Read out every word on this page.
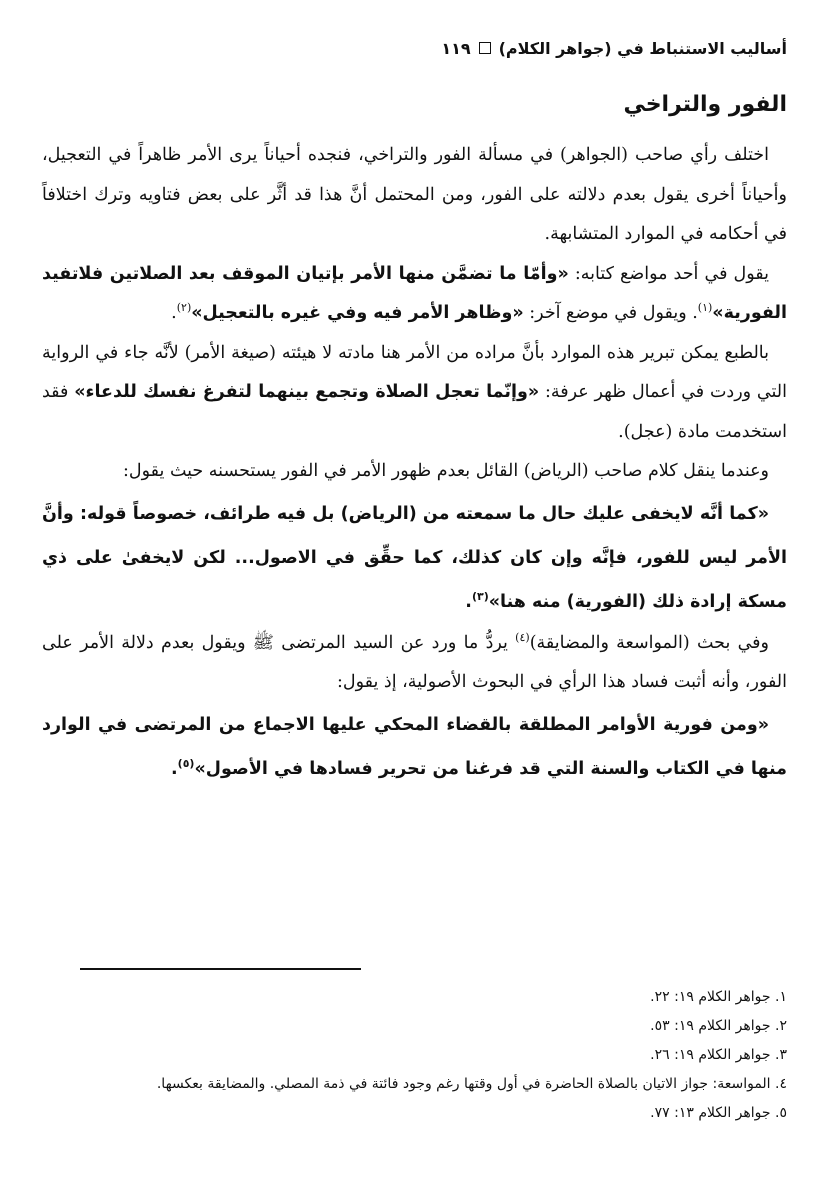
أساليب الاستنباط في (جواهر الكلام)
١١٩
الفور والتراخي

اختلف رأي صاحب (الجواهر) في مسألة الفور والتراخي، فنجده أحياناً يرى الأمر ظاهراً في التعجيل، وأحياناً أخرى يقول بعدم دلالته على الفور، ومن المحتمل أنَّ هذا قد أثَّر على بعض فتاويه وترك اختلافاً في أحكامه في الموارد المتشابهة.

يقول في أحد مواضع كتابه: «وأمّا ما تضمَّن منها الأمر بإتيان الموقف بعد الصلاتين فلاتفيد الفورية»$^{(١)}$. ويقول في موضع آخر: «وظاهر الأمر فيه وفي غيره بالتعجيل»$^{(٢)}$.

بالطبع يمكن تبرير هذه الموارد بأنَّ مراده من الأمر هنا مادته لا هيئته (صيغة الأمر) لأنَّه جاء في الرواية التي وردت في أعمال ظهر عرفة: «وإنّما تعجل الصلاة وتجمع بينهما لتفرغ نفسك للدعاء» فقد استخدمت مادة (عجل).

وعندما ينقل كلام صاحب (الرياض) القائل بعدم ظهور الأمر في الفور يستحسنه حيث يقول:

«كما أنَّه لايخفى عليك حال ما سمعته من (الرياض) بل فيه طرائف، خصوصاً قوله: وأنَّ الأمر ليس للفور، فإنَّه وإن كان كذلك، كما حقِّق في الاصول... لكن لايخفىٰ على ذي مسكة إرادة ذلك (الفورية) منه هنا»$^{(٣)}$.

وفي بحث (المواسعة والمضايقة)$^{(٤)}$ يردُّ ما ورد عن السيد المرتضى ﷺ ويقول بعدم دلالة الأمر على الفور، وأنه أثبت فساد هذا الرأي في البحوث الأصولية، إذ يقول:

«ومن فورية الأوامر المطلقة بالقضاء المحكي عليها الاجماع من المرتضى في الوارد منها في الكتاب والسنة التي قد فرغنا من تحرير فسادها في الأصول»$^{(٥)}$.

١. جواهر الكلام ١٩: ٢٢.
٢. جواهر الكلام ١٩: ٥٣.
٣. جواهر الكلام ١٩: ٢٦.
٤. المواسعة: جواز الاتيان بالصلاة الحاضرة في أول وقتها رغم وجود فائتة في ذمة المصلي. والمضايقة بعكسها.
٥. جواهر الكلام ١٣: ٧٧.
